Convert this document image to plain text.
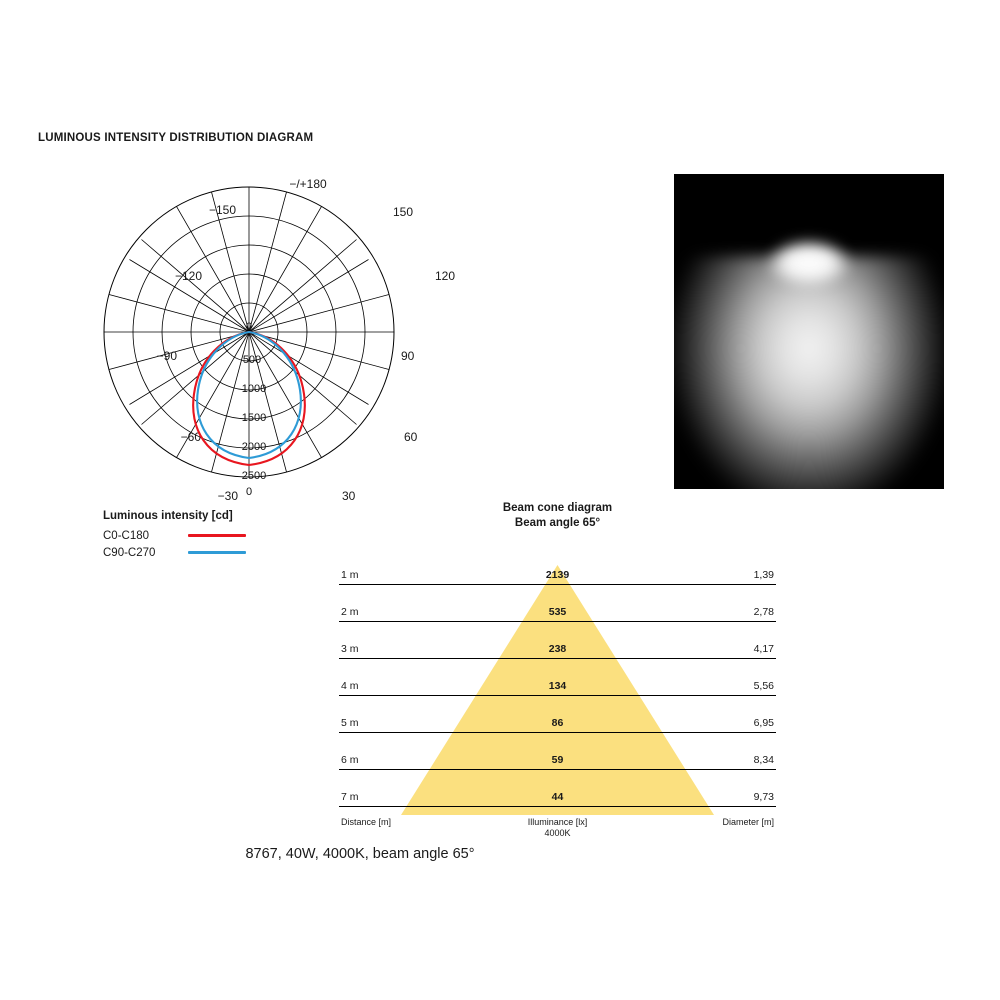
LUMINOUS INTENSITY DISTRIBUTION DIAGRAM
−/+180
−150	150
−120	120
−90	90
−60	60
−30	30
0
500
1000
1500
2000
2500
0
Luminous intensity [cd]
C0-C180
C90-C270
Beam cone diagram
Beam angle 65°
1 m	2139	1,39
2 m	535	2,78
3 m	238	4,17
4 m	134	5,56
5 m	86	6,95
6 m	59	8,34
7 m	44	9,73
Distance [m]	Illuminance [lx]
4000K
Diameter [m]
8767, 40W, 4000K, beam angle 65°
